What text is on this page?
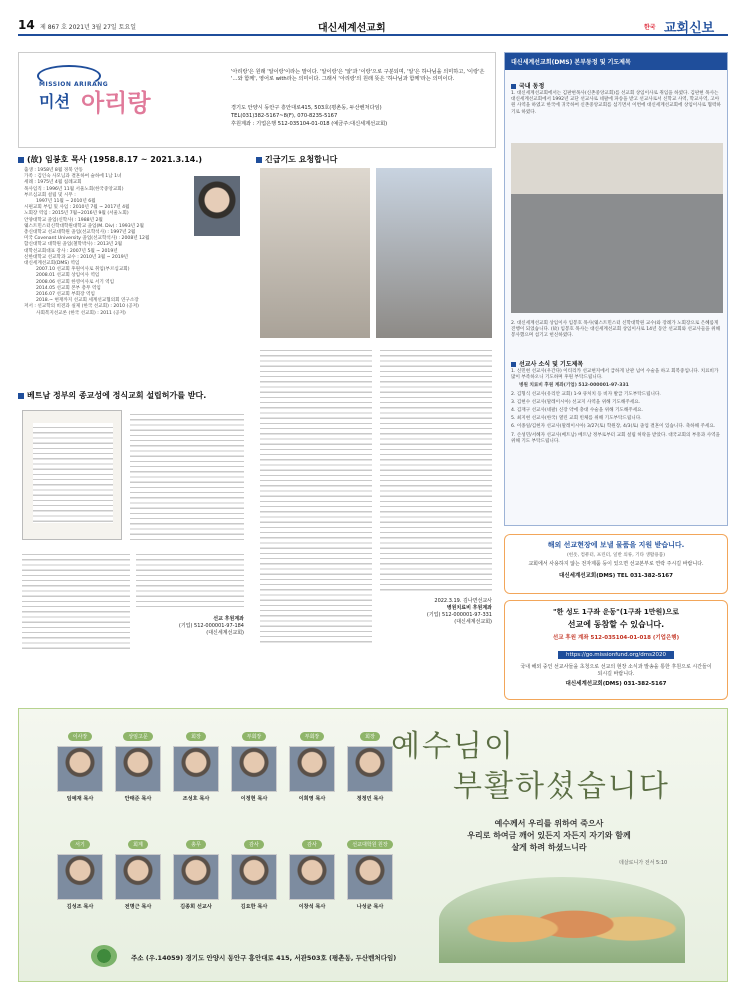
14 제 867 호 2021년 3월 27일 토요일	대신세계선교회	한국 교회신보
MISSION ARIRANG
미션 아리랑
'아리랑'은 원래 '알이랑'이라는 말이다. '알이랑'은 '알'과 '이랑'으로 구분되며, '알'은 하나님을 의미하고, '이랑'은 '…와 함께', 영어로 with라는 의미이다. 그래서 '아리랑'의 원래 뜻은 '하나님과 함께'라는 의미이다.
경기도 안양시 동안구 흥안대로415, 503호(평촌동, 두산벤처다임)
TEL(031)382-5167~8(F), 070-8235-5167
후원계좌 : 기업은행 512-035104-01-018 (예금주:대신세계선교회)
(故) 임봉호 목사 (1958.8.17 ~ 2021.3.14.)
출생 : 1958년 8월 경북 안동
가족 : 김인숙 사모님과 결혼하여 슬하에 1남 1녀
세례 : 1975년 4월 침례교회
목사임직 : 1996년 11월 서울노회(한국중앙교회)
부르심교회 설립 및 시무 :
1997년 11월 ~ 2010년 6월
시편교회 부임 및 사임 : 2010년 7월 ~ 2017년 4월
노회장 역임 : 2015년 7월~2016년 9월 (서울노회)
안양대학교 졸업(신학사) : 1988년 2월
웨스트민스터신학대학원대학교 졸업(M. Div) : 1993년 2월
총신대학교 선교대학원 졸업(선교학석사) : 1997년 2월
미국 Covenant University 졸업(선교학석사) : 2008년 12월
합신대학교 대학원 졸업(철학박사) : 2013년 2월
대학선교회대표 강사 : 2007년 5월 ~ 2019년
신한대학교 선교학과 교수 : 2010년 3월 ~ 2019년
대신세계선교회(DMS) 역임
2007.10 선교회 후원이사로 취임(부르심교회)
2008.01 선교회 상임이사 역임
2008.06 선교회 한영이사로 서기 역임
2014.05 선교회 본부 총무 역임
2016.07 선교회 부회장 역임
2018.~ 현재까지 선교회 세계선교협의회 연구소장
저서 : 선교학의 비전과 실제 (한국 선교회) : 2010 (공저)
사회복지선교론 (한국 선교회) : 2011 (공저)
베트남 정부의 종교성에 정식교회 설립허가를 받다.
선교 후원계좌
(기업) 512-000001-97-184
(대신세계선교회)
긴급기도 요청합니다
2022.3.19. 김나면선교사
병원치료비 후원계좌
(기업) 512-000001-97-331
(대신세계선교회)
대신세계선교회(DMS) 본부동정 및 기도제목
국내 동정
1. 대신세계선교회에서는 김판현목사(신촌중앙교회)를 선교회 상임이사로 취임을 하였다. 김판현 목사는 대신세계선교회에서 1992년 교단 선교사로 네팔에 파송을 받고 선교사로서 신학교 사역, 학교사역, 고아원 사역을 하였고 한국에 귀국하여 신촌중앙교회를 섬기면서 이번에 대신세계선교회에 상임이사로 협력하기로 하였다.
2. 대신세계선교회 상임이사 임봉호 목사(웨스트민스터 신학대학원 교수)와 장례가 노회장으로 은혜롭게 진행이 되었습니다. (故) 임봉호 목사는 대신세계선교회 상임이사로 14년 동안 선교회와 선교사들을 위해 봉사했으며 섬기고 헌신하였다.
선교사 소식 및 기도제목
1. 신민현 선교사(우간다) 이티리카 선교현지에서 급하게 난관 넘어 수술을 하고 회복중입니다. 치료비가 많이 부족하오니 기도하며 후원 부탁드립니다.
병원 치료비 후원 계좌(기업) 512-000001-97-331
2. 김형식 선교사(유리안 교회) 1-9 큐처치 등 비자 발급 기도부탁드립니다.
3. 김현수 선교사(말레이시아) 선교지 사역을 위해 기도해주세요.
4. 김재구 선교사(네팔) 신장 약에 충대 수술을 위해 기도해주세요.
5. 최지현 선교사(한국) 열린 교회 빈체를 위해 기도부탁드립니다.
6. 이종일/김현자 선교사(말레이시아) 3/27(토) 학원장, 4/3(토) 졸업 결혼이 있습니다. 축하해 주세요.
7. 손성민/서혜자 선교사(베트남) 베트남 정부로부터 교회 설립 허락을 받았다. 대국교회의 부흥과 사역을 위해 기도 부탁드립니다.
해외 선교현장에 보낼 물품을 지원 받습니다.
(헌옷, 컴퓨터, 프린터, 일반 의류, 기타 생활용품)
교회에서 사용하지 않는 전자제품 등이 있으면 선교본부로 연락 주시길 바랍니다.
대신세계선교회(DMS) TEL 031-382-5167
"한 성도 1구좌 운동"(1구좌 1만원)으로
선교에 동참할 수 있습니다.
선교 후원 계좌 512-035104-01-018 (기업은행)
https://go.missionfund.org/dms2020
국내 해외 중인 선교사들을 초청으로 선교의 현장 소식과 발송을 통한 후원으로 시간들이 되시길 바랍니다.
대신세계선교회(DMS) 031-382-5167
이사장
임예재 목사
상임고문
안태준 목사
회장
조성호 목사
부회장
이정현 목사
부회장
이희영 목사
회장
정정민 목사
서기
김성조 목사
회계
전명근 목사
총무
김종희 선교사
감사
김요한 목사
감사
이창석 목사
선교대학원 원장
나성균 목사
예수님이
부활하셨습니다
예수께서 우리를 위하여 죽으사
우리로 하여금 깨어 있든지 자든지 자기와 함께
살게 하려 하셨느니라
데살로니가 전서 5:10
주소 (우.14059) 경기도 안양시 동안구 흥안대로 415, 서관503호 (평촌동, 두산벤처다임)
